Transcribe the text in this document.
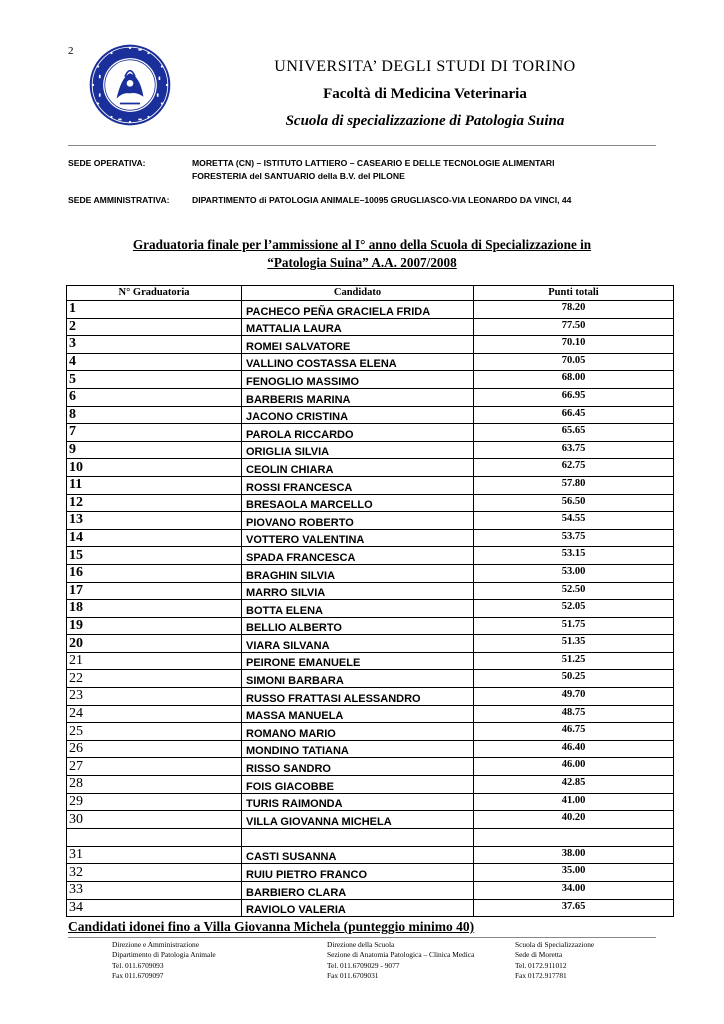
2
UNIVERSITA’ DEGLI STUDI DI TORINO
Facoltà di Medicina Veterinaria
Scuola di specializzazione di Patologia Suina
SEDE OPERATIVA:	MORETTA (CN) – ISTITUTO LATTIERO – CASEARIO E DELLE TECNOLOGIE ALIMENTARI
FORESTERIA del SANTUARIO della B.V. del PILONE
SEDE AMMINISTRATIVA:	DIPARTIMENTO di PATOLOGIA ANIMALE–10095 GRUGLIASCO-VIA LEONARDO DA VINCI, 44
Graduatoria finale per l’ammissione al I° anno della Scuola di Specializzazione in
“Patologia Suina” A.A. 2007/2008
N° Graduatoria	Candidato	Punti totali
1	PACHECO PEÑA GRACIELA FRIDA	78.20
2	MATTALIA LAURA	77.50
3	ROMEI SALVATORE	70.10
4	VALLINO COSTASSA ELENA	70.05
5	FENOGLIO MASSIMO	68.00
6	BARBERIS MARINA	66.95
8	JACONO CRISTINA	66.45
7	PAROLA RICCARDO	65.65
9	ORIGLIA SILVIA	63.75
10	CEOLIN CHIARA	62.75
11	ROSSI FRANCESCA	57.80
12	BRESAOLA MARCELLO	56.50
13	PIOVANO ROBERTO	54.55
14	VOTTERO VALENTINA	53.75
15	SPADA FRANCESCA	53.15
16	BRAGHIN SILVIA	53.00
17	MARRO SILVIA	52.50
18	BOTTA ELENA	52.05
19	BELLIO ALBERTO	51.75
20	VIARA SILVANA	51.35
21	PEIRONE EMANUELE	51.25
22	SIMONI BARBARA	50.25
23	RUSSO FRATTASI ALESSANDRO	49.70
24	MASSA MANUELA	48.75
25	ROMANO MARIO	46.75
26	MONDINO TATIANA	46.40
27	RISSO SANDRO	46.00
28	FOIS GIACOBBE	42.85
29	TURIS RAIMONDA	41.00
30	VILLA GIOVANNA MICHELA	40.20

31	CASTI SUSANNA	38.00
32	RUIU PIETRO FRANCO	35.00
33	BARBIERO CLARA	34.00
34	RAVIOLO VALERIA	37.65
Candidati idonei fino a Villa Giovanna Michela (punteggio minimo 40)
Direzione e Amministrazione
Dipartimento di Patologia Animale
Tel. 011.6709093
Fax 011.6709097
Direzione della Scuola
Sezione di Anatomia Patologica – Clinica Medica
Tel. 011.6709029 - 9077
Fax 011.6709031
Scuola di Specializzazione
Sede di Moretta
Tel. 0172.911012
Fax 0172.917781
